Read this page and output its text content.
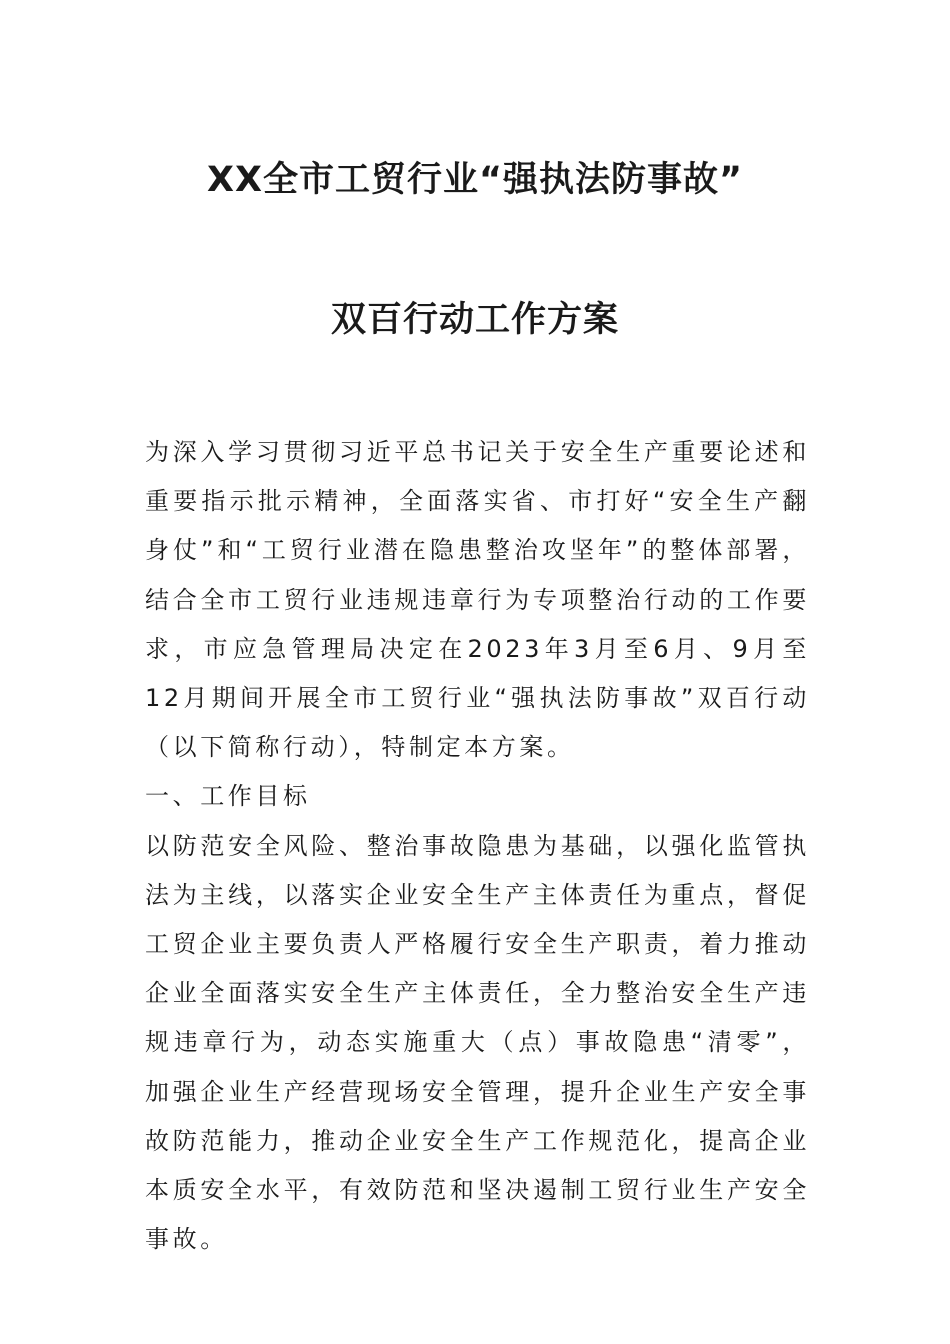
XX全市工贸行业“强执法防事故”
双百行动工作方案

为深入学习贯彻习近平总书记关于安全生产重要论述和重要指示批示精神，全面落实省、市打好“安全生产翻身仗”和“工贸行业潜在隐患整治攻坚年”的整体部署，结合全市工贸行业违规违章行为专项整治行动的工作要求，市应急管理局决定在2023年3月至6月、9月至12月期间开展全市工贸行业“强执法防事故”双百行动（以下简称行动），特制定本方案。

一、工作目标

以防范安全风险、整治事故隐患为基础，以强化监管执法为主线，以落实企业安全生产主体责任为重点，督促工贸企业主要负责人严格履行安全生产职责，着力推动企业全面落实安全生产主体责任，全力整治安全生产违规违章行为，动态实施重大（点）事故隐患“清零”，加强企业生产经营现场安全管理，提升企业生产安全事故防范能力，推动企业安全生产工作规范化，提高企业本质安全水平，有效防范和坚决遏制工贸行业生产安全事故。
